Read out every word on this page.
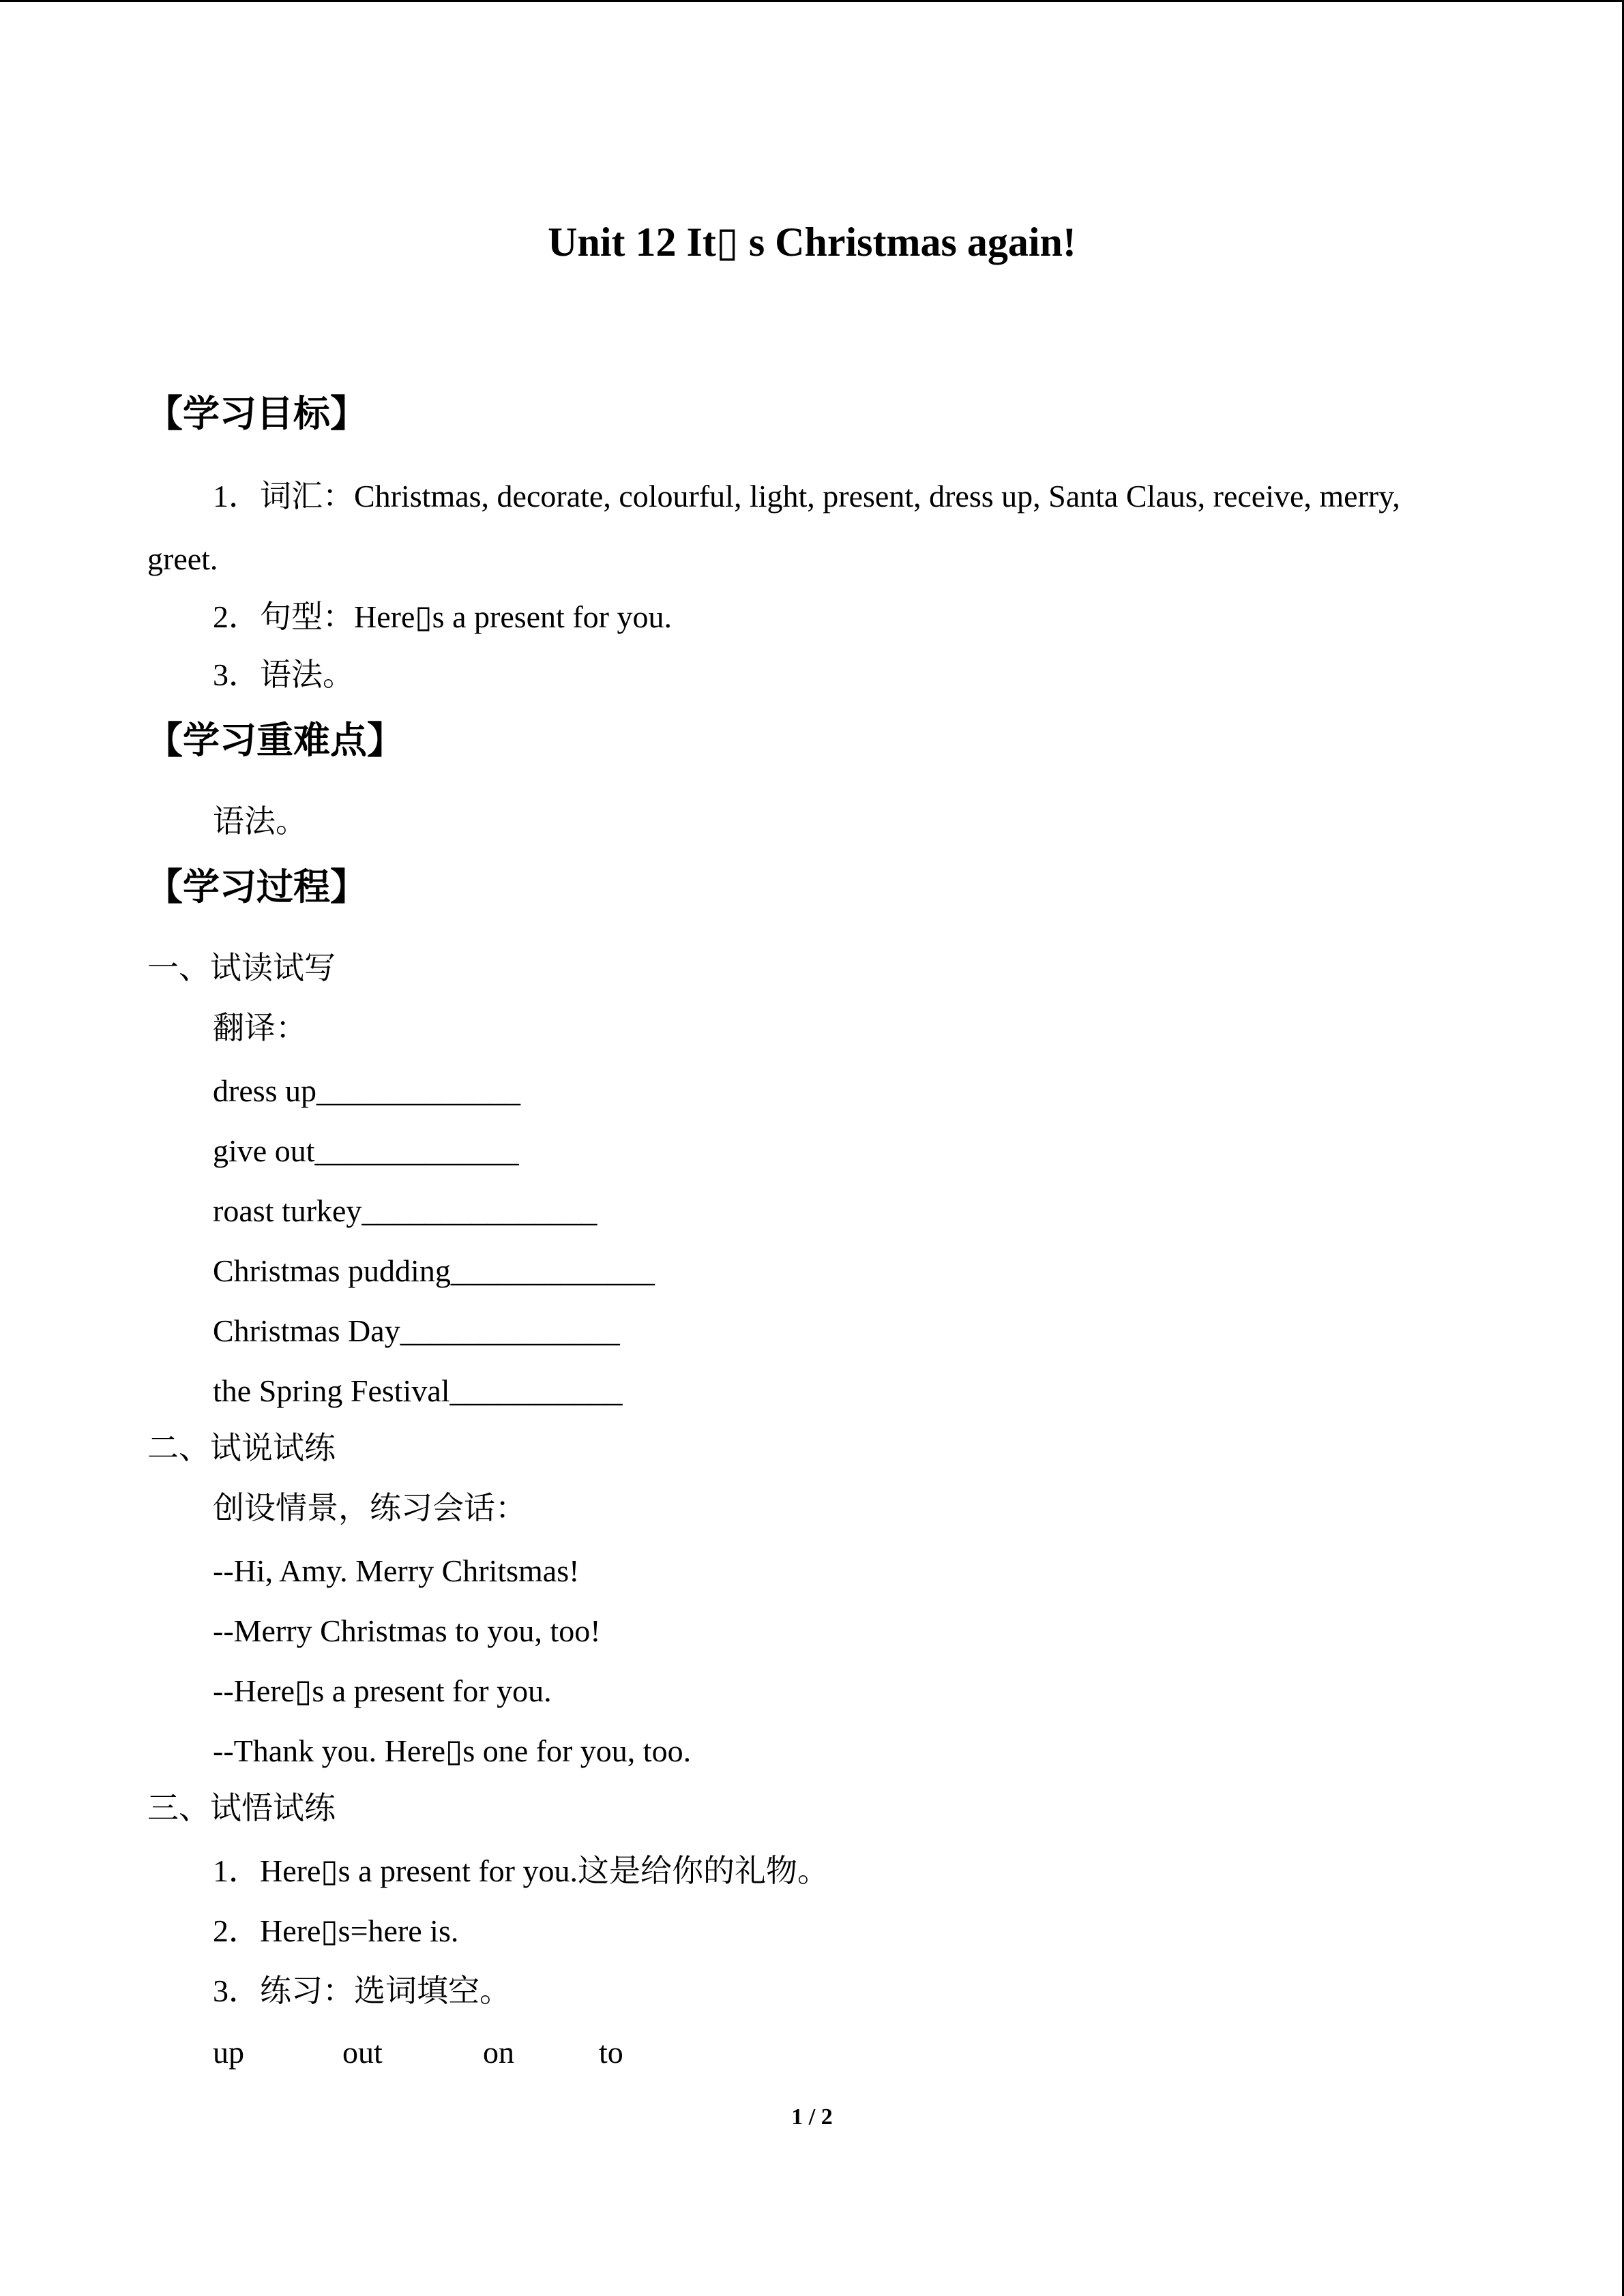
Unit 12 It▯ s Christmas again!
【学习目标】
1．词汇：Christmas, decorate, colourful, light, present, dress up, Santa Claus, receive, merry,
greet.
2．句型：Here▯s a present for you.
3．语法。
【学习重难点】
语法。
【学习过程】
一、试读试写
翻译：
dress up_____________
give out_____________
roast turkey_______________
Christmas pudding_____________
Christmas Day______________
the Spring Festival___________
二、试说试练
创设情景，练习会话：
--Hi, Amy. Merry Chritsmas!
--Merry Christmas to you, too!
--Here▯s a present for you.
--Thank you. Here▯s one for you, too.
三、试悟试练
1．Here▯s a present for you.这是给你的礼物。
2．Here▯s=here is.
3．练习：选词填空。
up	out	on	to
1 / 2
